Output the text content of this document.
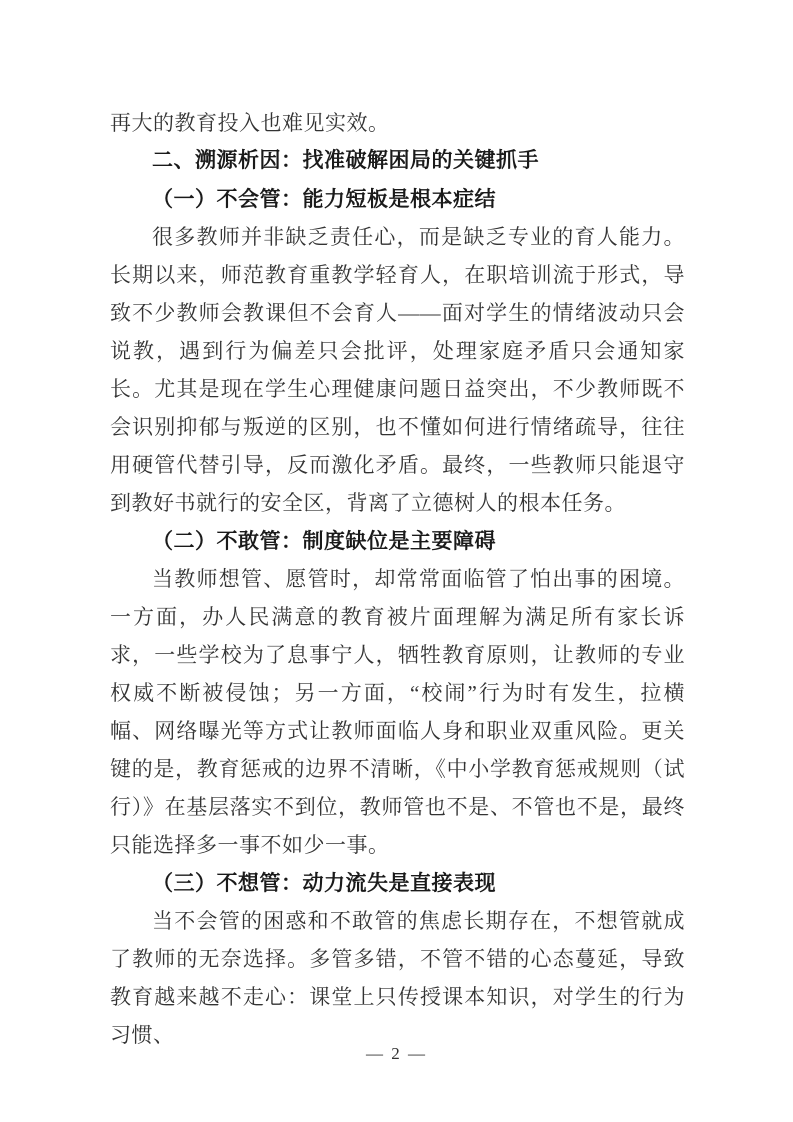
再大的教育投入也难见实效。

二、溯源析因：找准破解困局的关键抓手
（一）不会管：能力短板是根本症结

很多教师并非缺乏责任心，而是缺乏专业的育人能力。长期以来，师范教育重教学轻育人，在职培训流于形式，导致不少教师会教课但不会育人——面对学生的情绪波动只会说教，遇到行为偏差只会批评，处理家庭矛盾只会通知家长。尤其是现在学生心理健康问题日益突出，不少教师既不会识别抑郁与叛逆的区别，也不懂如何进行情绪疏导，往往用硬管代替引导，反而激化矛盾。最终，一些教师只能退守到教好书就行的安全区，背离了立德树人的根本任务。

（二）不敢管：制度缺位是主要障碍

当教师想管、愿管时，却常常面临管了怕出事的困境。一方面，办人民满意的教育被片面理解为满足所有家长诉求，一些学校为了息事宁人，牺牲教育原则，让教师的专业权威不断被侵蚀；另一方面，“校闹”行为时有发生，拉横幅、网络曝光等方式让教师面临人身和职业双重风险。更关键的是，教育惩戒的边界不清晰，《中小学教育惩戒规则（试行）》在基层落实不到位，教师管也不是、不管也不是，最终只能选择多一事不如少一事。

（三）不想管：动力流失是直接表现

当不会管的困惑和不敢管的焦虑长期存在，不想管就成了教师的无奈选择。多管多错，不管不错的心态蔓延，导致教育越来越不走心：课堂上只传授课本知识，对学生的行为习惯、

— 2 —
